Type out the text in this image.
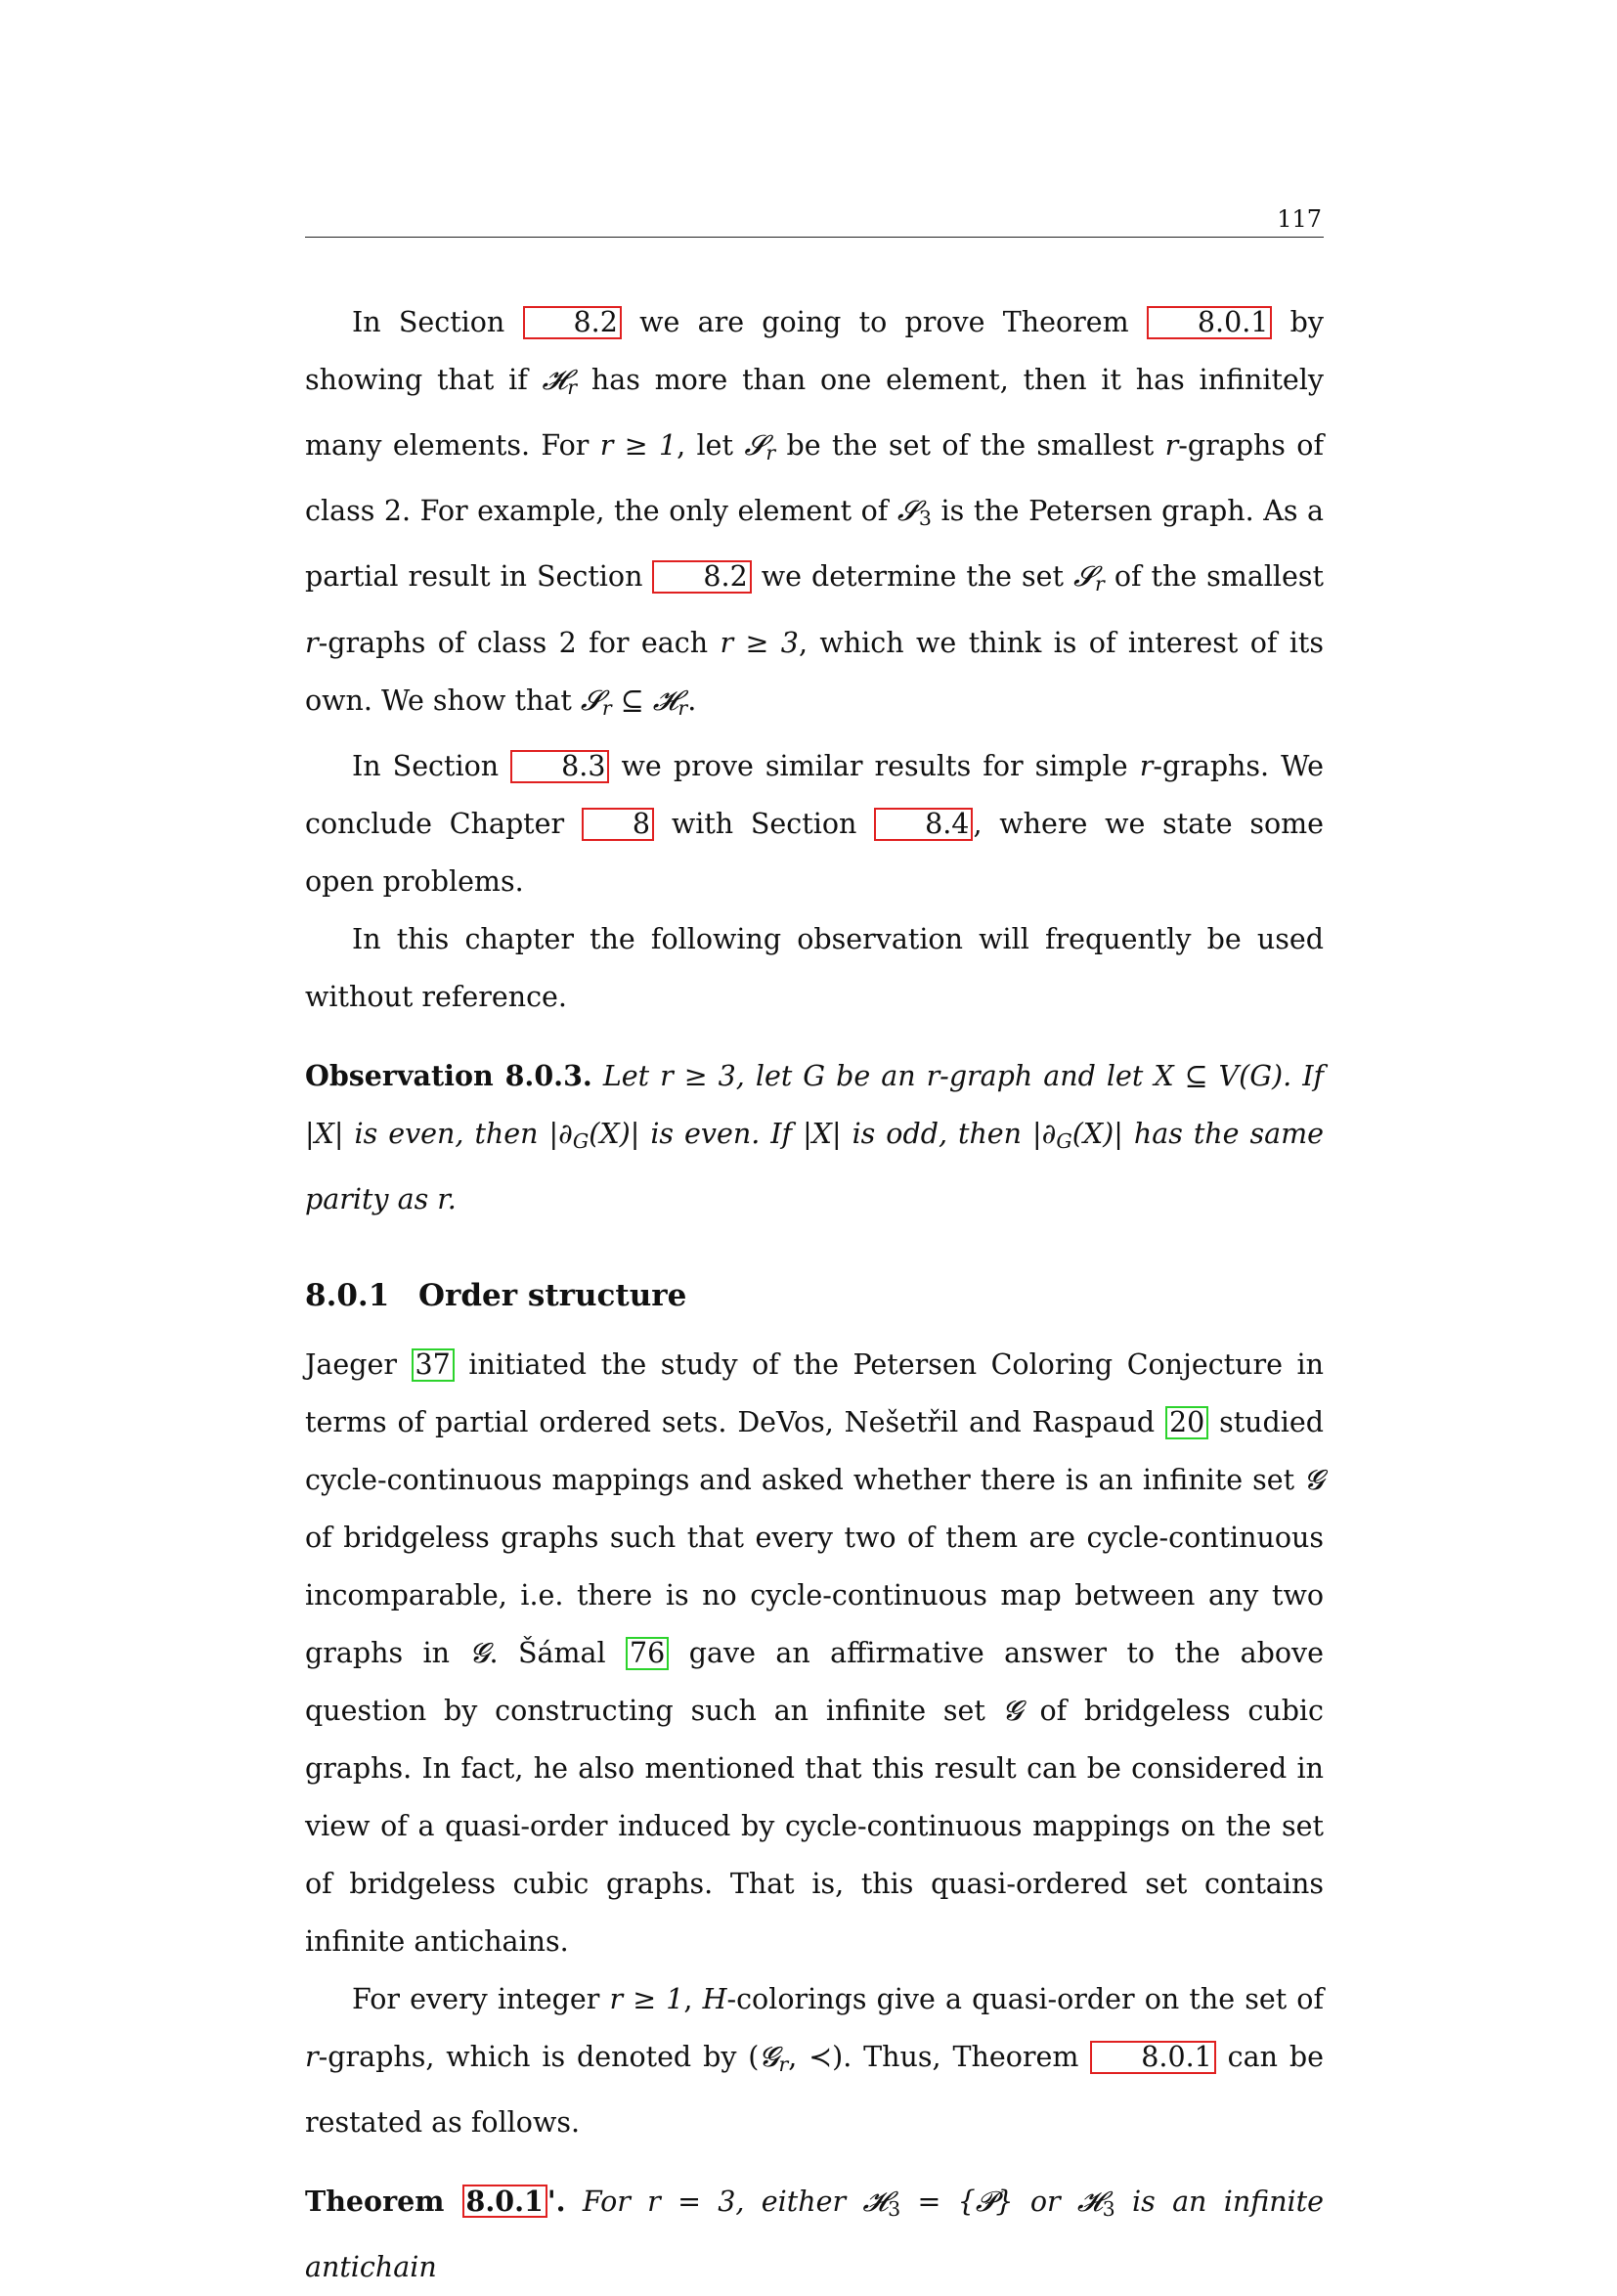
117

In Section 8.2 we are going to prove Theorem 8.0.1 by showing that if 𝓗$_r$ has more than one element, then it has infinitely many elements. For r ≥ 1, let 𝓢$_r$ be the set of the smallest r-graphs of class 2. For example, the only element of 𝓢3 is the Petersen graph. As a partial result in Section 8.2 we determine the set 𝓢$_r$ of the smallest r-graphs of class 2 for each r ≥ 3, which we think is of interest of its own. We show that 𝓢$_r$ ⊆ 𝓗$_r$.

In Section 8.3 we prove similar results for simple r-graphs. We conclude Chapter 8 with Section 8.4 , where we state some open problems.

In this chapter the following observation will frequently be used without reference.

Observation 8.0.3. Let r ≥ 3, let G be an r-graph and let X ⊆ V(G). If |X| is even, then $|\partial_G(X)|$ is even. If |X| is odd, then $|\partial_G(X)|$ has the same parity as r.

8.0.1 Order structure

Jaeger 37 initiated the study of the Petersen Coloring Conjecture in terms of partial ordered sets. DeVos, Nešetřil and Raspaud 20 studied cycle-continuous mappings and asked whether there is an infinite set 𝓖 of bridgeless graphs such that every two of them are cycle-continuous incomparable, i.e. there is no cycle-continuous map between any two graphs in 𝓖. Šámal 76 gave an affirmative answer to the above question by constructing such an infinite set 𝓖 of bridgeless cubic graphs. In fact, he also mentioned that this result can be considered in view of a quasi-order induced by cycle-continuous mappings on the set of bridgeless cubic graphs. That is, this quasi-ordered set contains infinite antichains.

For every integer r ≥ 1, H-colorings give a quasi-order on the set of r-graphs, which is denoted by (𝓖$_r$, ≺). Thus, Theorem 8.0.1 can be restated as follows.

Theorem 8.0.1 '. For r = 3, either 𝓗3 = {𝓟} or 𝓗3 is an infinite antichain
